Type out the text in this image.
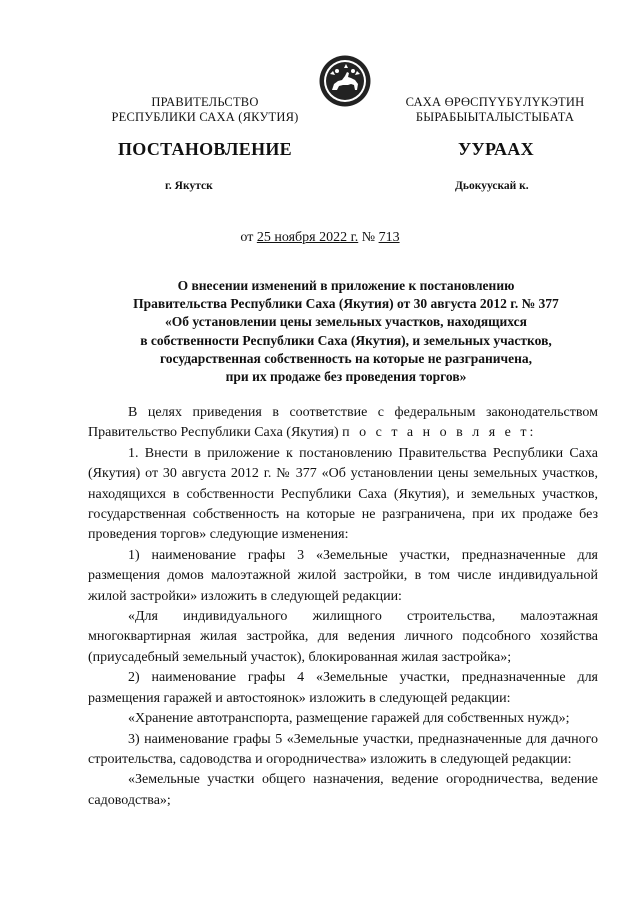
ПРАВИТЕЛЬСТВО
РЕСПУБЛИКИ САХА (ЯКУТИЯ)
САХА ӨРӨСПҮҮБҮЛҮКЭТИН
БЫРАБЫЫТАЛЫСТЫБАТА
ПОСТАНОВЛЕНИЕ	УУРААХ
г. Якутск	Дьокуускай к.
от 25 ноября 2022 г. № 713
О внесении изменений в приложение к постановлению
Правительства Республики Саха (Якутия) от 30 августа 2012 г. № 377
«Об установлении цены земельных участков, находящихся
в собственности Республики Саха (Якутия), и земельных участков,
государственная собственность на которые не разграничена,
при их продаже без проведения торгов»

В целях приведения в соответствие с федеральным законодательством Правительство Республики Саха (Якутия) п о с т а н о в л я е т:

1. Внести в приложение к постановлению Правительства Республики Саха (Якутия) от 30 августа 2012 г. № 377 «Об установлении цены земельных участков, находящихся в собственности Республики Саха (Якутия), и земельных участков, государственная собственность на которые не разграничена, при их продаже без проведения торгов» следующие изменения:

1) наименование графы 3 «Земельные участки, предназначенные для размещения домов малоэтажной жилой застройки, в том числе индивидуальной жилой застройки» изложить в следующей редакции:

«Для индивидуального жилищного строительства, малоэтажная многоквартирная жилая застройка, для ведения личного подсобного хозяйства (приусадебный земельный участок), блокированная жилая застройка»;

2) наименование графы 4 «Земельные участки, предназначенные для размещения гаражей и автостоянок» изложить в следующей редакции:

«Хранение автотранспорта, размещение гаражей для собственных нужд»;

3) наименование графы 5 «Земельные участки, предназначенные для дачного строительства, садоводства и огородничества» изложить в следующей редакции:

«Земельные участки общего назначения, ведение огородничества, ведение садоводства»;
